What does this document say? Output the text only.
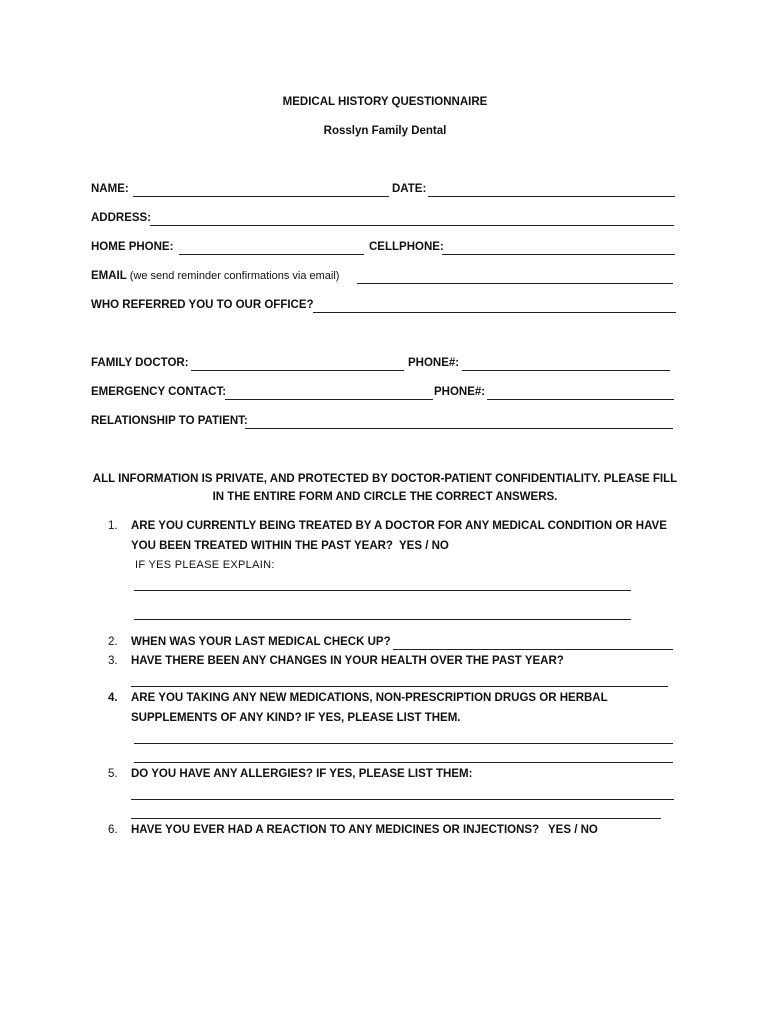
MEDICAL HISTORY QUESTIONNAIRE
Rosslyn Family Dental
NAME:	DATE:
ADDRESS:
HOME PHONE:	CELLPHONE:
EMAIL (we send reminder confirmations via email)
WHO REFERRED YOU TO OUR OFFICE?
FAMILY DOCTOR:	PHONE#:
EMERGENCY CONTACT:	PHONE#:
RELATIONSHIP TO PATIENT:
ALL INFORMATION IS PRIVATE, AND PROTECTED BY DOCTOR-PATIENT CONFIDENTIALITY. PLEASE FILL
IN THE ENTIRE FORM AND CIRCLE THE CORRECT ANSWERS.
1. ARE YOU CURRENTLY BEING TREATED BY A DOCTOR FOR ANY MEDICAL CONDITION OR HAVE
YOU BEEN TREATED WITHIN THE PAST YEAR? YES / NO
IF YES PLEASE EXPLAIN:
2. WHEN WAS YOUR LAST MEDICAL CHECK UP?
3. HAVE THERE BEEN ANY CHANGES IN YOUR HEALTH OVER THE PAST YEAR?
4. ARE YOU TAKING ANY NEW MEDICATIONS, NON-PRESCRIPTION DRUGS OR HERBAL
SUPPLEMENTS OF ANY KIND? IF YES, PLEASE LIST THEM.
5. DO YOU HAVE ANY ALLERGIES? IF YES, PLEASE LIST THEM:
6. HAVE YOU EVER HAD A REACTION TO ANY MEDICINES OR INJECTIONS? YES / NO
